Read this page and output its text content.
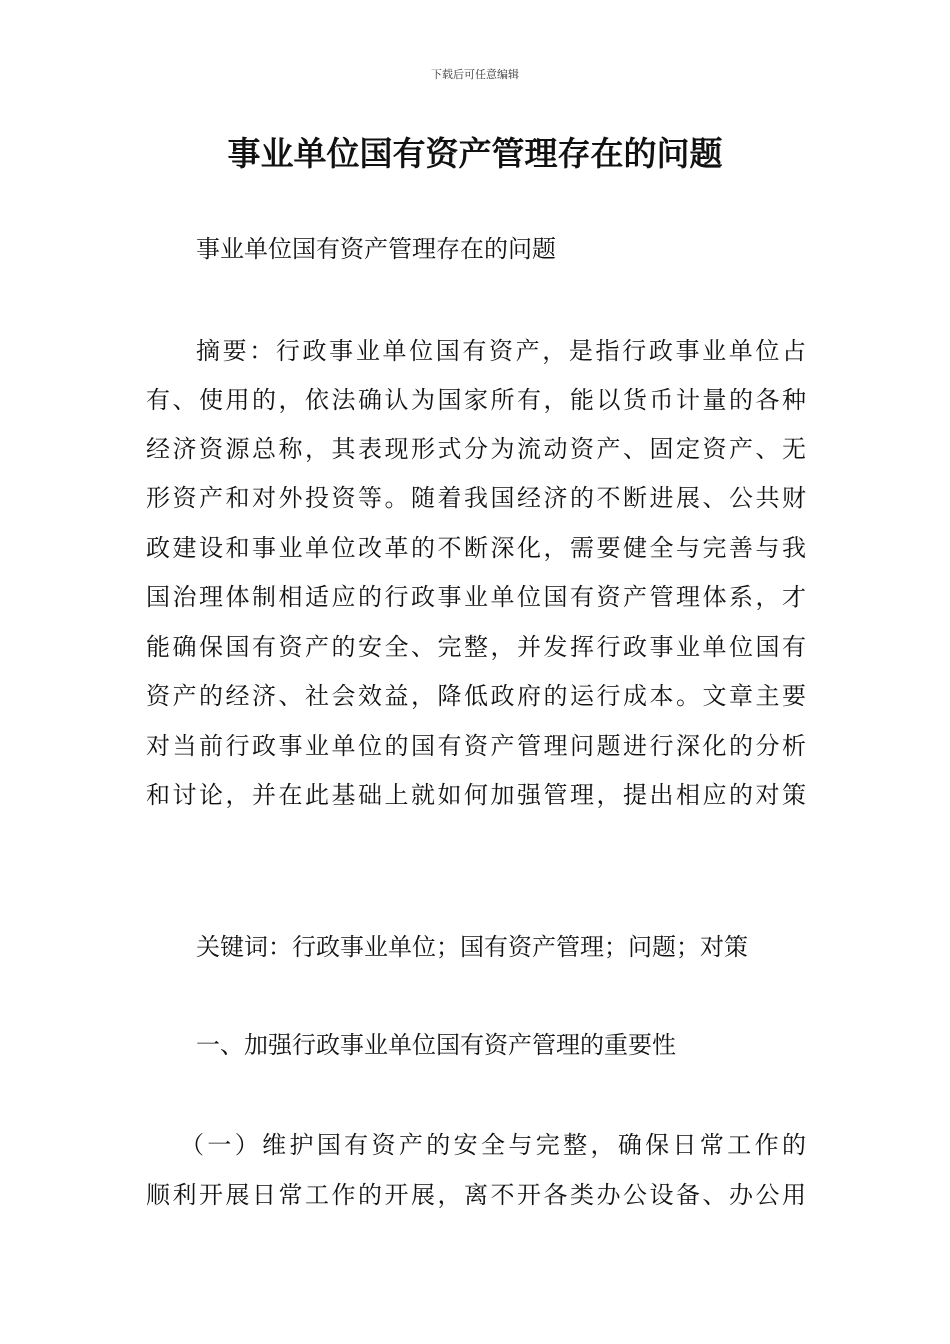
下载后可任意编辑
事业单位国有资产管理存在的问题
事业单位国有资产管理存在的问题
摘要：行政事业单位国有资产，是指行政事业单位占
有、使用的，依法确认为国家所有，能以货币计量的各种
经济资源总称，其表现形式分为流动资产、固定资产、无
形资产和对外投资等。随着我国经济的不断进展、公共财
政建设和事业单位改革的不断深化，需要健全与完善与我
国治理体制相适应的行政事业单位国有资产管理体系，才
能确保国有资产的安全、完整，并发挥行政事业单位国有
资产的经济、社会效益，降低政府的运行成本。文章主要
对当前行政事业单位的国有资产管理问题进行深化的分析
和讨论，并在此基础上就如何加强管理，提出相应的对策
关键词：行政事业单位；国有资产管理；问题；对策
一、加强行政事业单位国有资产管理的重要性
（一）维护国有资产的安全与完整，确保日常工作的
顺利开展日常工作的开展，离不开各类办公设备、办公用
